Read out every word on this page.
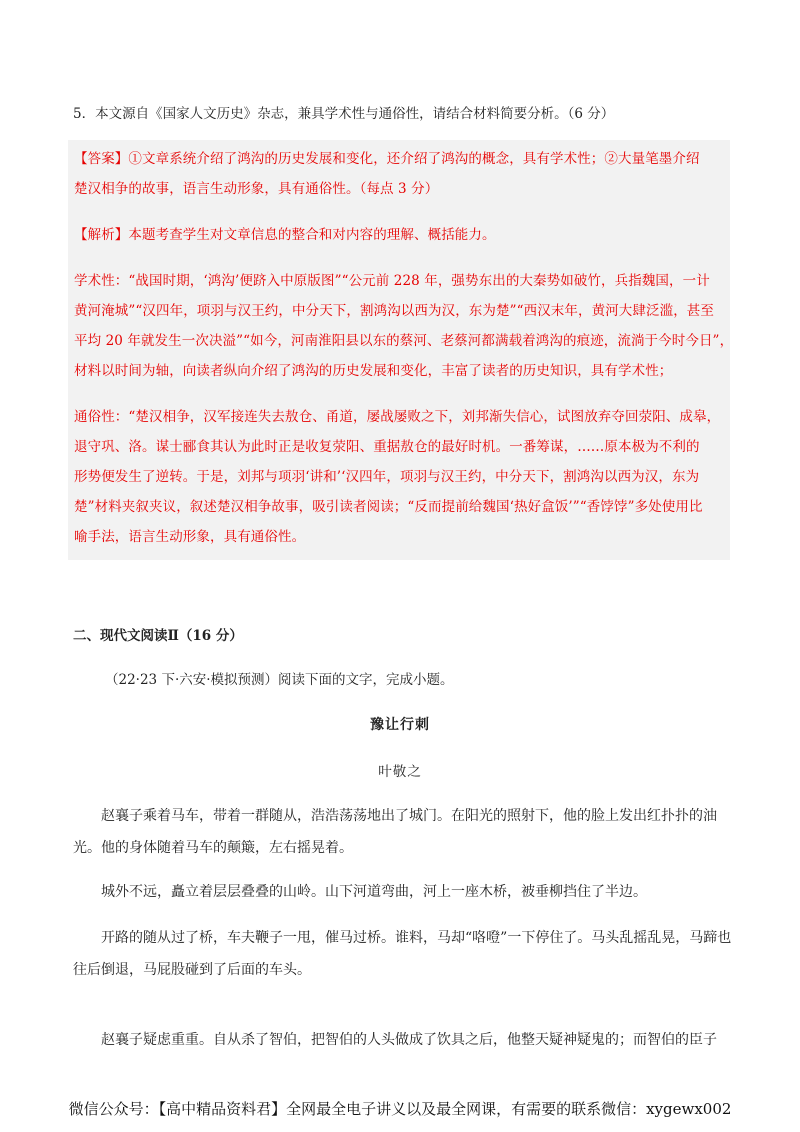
5．本文源自《国家人文历史》杂志，兼具学术性与通俗性，请结合材料简要分析。（6 分）
【答案】①文章系统介绍了鸿沟的历史发展和变化，还介绍了鸿沟的概念，具有学术性；②大量笔墨介绍
楚汉相争的故事，语言生动形象，具有通俗性。（每点 3 分）
【解析】本题考查学生对文章信息的整合和对内容的理解、概括能力。
学术性：“战国时期，‘鸿沟’便跻入中原版图”“公元前 228 年，强势东出的大秦势如破竹，兵指魏国，一计
黄河淹城”“汉四年，项羽与汉王约，中分天下，割鸿沟以西为汉，东为楚”“西汉末年，黄河大肆泛滥，甚至
平均 20 年就发生一次决溢”“如今，河南淮阳县以东的蔡河、老蔡河都满载着鸿沟的痕迹，流淌于今时今日”，
材料以时间为轴，向读者纵向介绍了鸿沟的历史发展和变化，丰富了读者的历史知识，具有学术性；
通俗性：“楚汉相争，汉军接连失去敖仓、甬道，屡战屡败之下，刘邦渐失信心，试图放弃夺回荥阳、成皋，
退守巩、洛。谋士郦食其认为此时正是收复荥阳、重据敖仓的最好时机。一番筹谋，……原本极为不利的
形势便发生了逆转。于是，刘邦与项羽‘讲和’‘汉四年，项羽与汉王约，中分天下，割鸿沟以西为汉，东为
楚”材料夹叙夹议，叙述楚汉相争故事，吸引读者阅读；“反而提前给魏国‘热好盒饭’”“香饽饽”多处使用比
喻手法，语言生动形象，具有通俗性。
二、现代文阅读Ⅱ（16 分）
（22·23 下·六安·模拟预测）阅读下面的文字，完成小题。
豫让行刺
叶敬之
赵襄子乘着马车，带着一群随从，浩浩荡荡地出了城门。在阳光的照射下，他的脸上发出红扑扑的油
光。他的身体随着马车的颠簸，左右摇晃着。
城外不远，矗立着层层叠叠的山岭。山下河道弯曲，河上一座木桥，被垂柳挡住了半边。
开路的随从过了桥，车夫鞭子一甩，催马过桥。谁料，马却“咯噔”一下停住了。马头乱摇乱晃，马蹄也
往后倒退，马屁股碰到了后面的车头。
赵襄子疑虑重重。自从杀了智伯，把智伯的人头做成了饮具之后，他整天疑神疑鬼的；而智伯的臣子
微信公众号：【高中精品资料君】全网最全电子讲义以及最全网课，有需要的联系微信：xygewx002
